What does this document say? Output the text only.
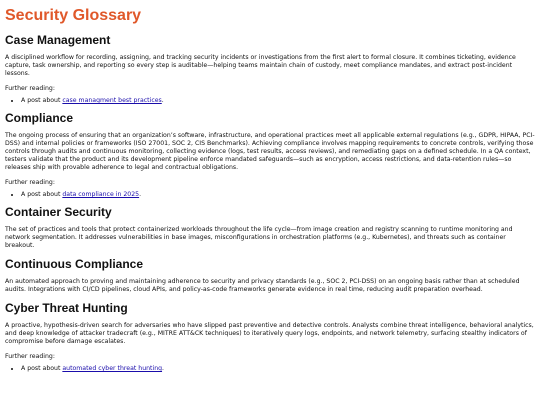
Security Glossary
Case Management

A disciplined workflow for recording, assigning, and tracking security incidents or investigations from the first alert to formal closure. It combines ticketing, evidence capture, task ownership, and reporting so every step is auditable—helping teams maintain chain of custody, meet compliance mandates, and extract post-incident lessons.

Further reading:

• A post about case managment best practices.
Compliance

The ongoing process of ensuring that an organization’s software, infrastructure, and operational practices meet all applicable external regulations (e.g., GDPR, HIPAA, PCI-DSS) and internal policies or frameworks (ISO 27001, SOC 2, CIS Benchmarks). Achieving compliance involves mapping requirements to concrete controls, verifying those controls through audits and continuous monitoring, collecting evidence (logs, test results, access reviews), and remediating gaps on a defined schedule. In a QA context, testers validate that the product and its development pipeline enforce mandated safeguards—such as encryption, access restrictions, and data-retention rules—so releases ship with provable adherence to legal and contractual obligations.

Further reading:

• A post about data compliance in 2025.
Container Security

The set of practices and tools that protect containerized workloads throughout the life cycle—from image creation and registry scanning to runtime monitoring and network segmentation. It addresses vulnerabilities in base images, misconfigurations in orchestration platforms (e.g., Kubernetes), and threats such as container breakout.

Continuous Compliance

An automated approach to proving and maintaining adherence to security and privacy standards (e.g., SOC 2, PCI-DSS) on an ongoing basis rather than at scheduled audits. Integrations with CI/CD pipelines, cloud APIs, and policy-as-code frameworks generate evidence in real time, reducing audit preparation overhead.

Cyber Threat Hunting

A proactive, hypothesis-driven search for adversaries who have slipped past preventive and detective controls. Analysts combine threat intelligence, behavioral analytics, and deep knowledge of attacker tradecraft (e.g., MITRE ATT&CK techniques) to iteratively query logs, endpoints, and network telemetry, surfacing stealthy indicators of compromise before damage escalates.

Further reading:

• A post about automated cyber threat hunting.
